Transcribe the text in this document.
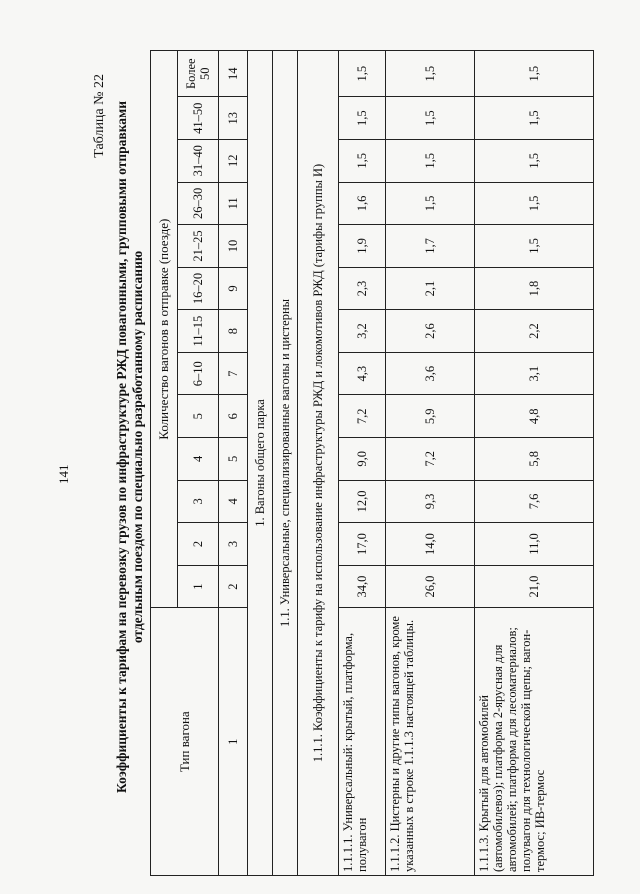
141
Таблица № 22 Коэффициенты к тарифам на перевозку грузов по инфраструктуре РЖД повагонными, групповыми отправками отдельным поездом по специально разработанному расписанию
Тип вагона	Количество вагонов в отправке (поезде)												
	1	2	3	4	5	6–10	11–15	16–20	21–25	26–30	31–40	41–50	Более 50
1	2	3	4	5	6	7	8	9	10	11	12	13	14
1. Вагоны общего парка													
1.1. Универсальные, специализированные вагоны и цистерны													
1.1.1. Коэффициенты к тарифу на использование инфраструктуры РЖД и локомотивов РЖД (тарифы группы И)													
1.1.1.1. Универсальный: крытый, платформа, полувагон	34,0	17,0	12,0	9,0	7,2	4,3	3,2	2,3	1,9	1,6	1,5	1,5	1,5
1.1.1.2. Цистерны и другие типы вагонов, кроме указанных в строке 1.1.1.3 настоящей таблицы.	26,0	14,0	9,3	7,2	5,9	3,6	2,6	2,1	1,7	1,5	1,5	1,5	1,5
1.1.1.3. Крытый для автомобилей (автомобилевоз); платформа 2-ярусная для автомобилей; платформа для лесоматериалов; полувагон для технологической щепы; вагон-термос; ИВ-термос	21,0	11,0	7,6	5,8	4,8	3,1	2,2	1,8	1,5	1,5	1,5	1,5	1,5
